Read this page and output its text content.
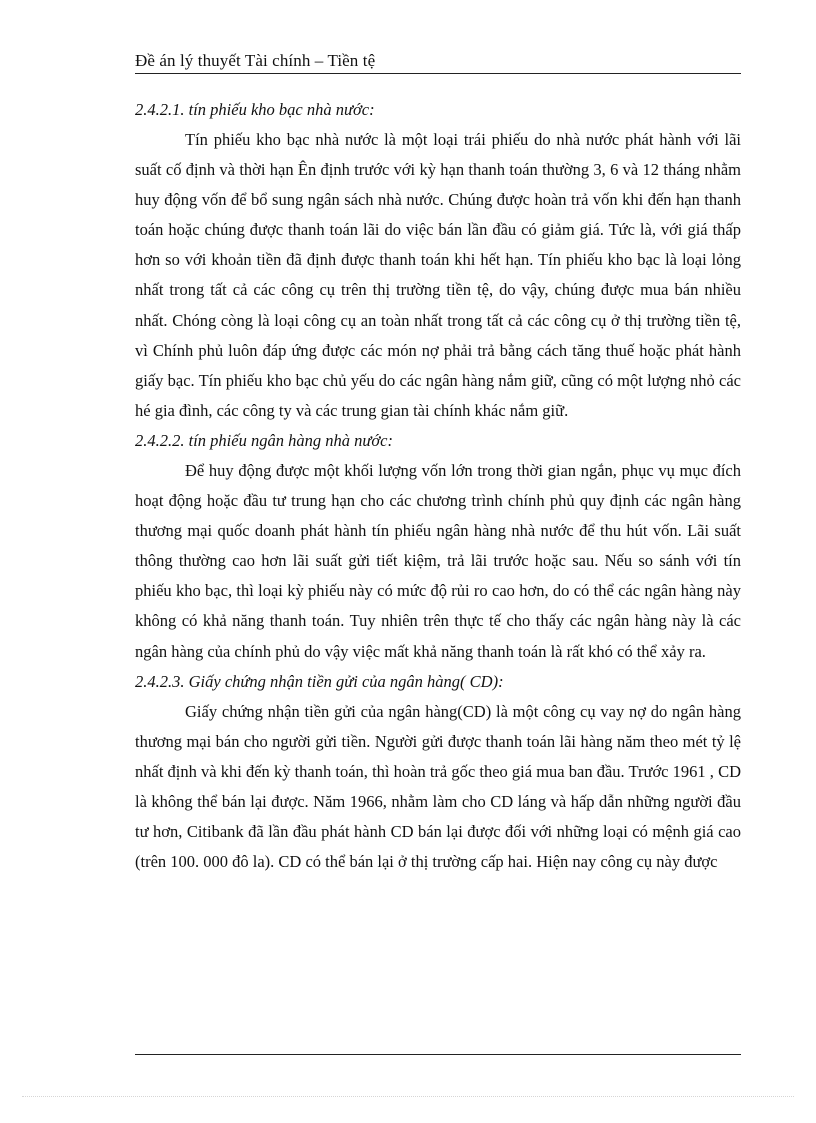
Đề án lý thuyết Tài chính – Tiền tệ

2.4.2.1. tín phiếu kho bạc nhà nước:

Tín phiếu kho bạc nhà nước là một loại trái phiếu do nhà nước phát hành với lãi suất cố định và thời hạn Ên định trước với kỳ hạn thanh toán thường 3, 6 và 12 tháng nhằm huy động vốn để bổ sung ngân sách nhà nước. Chúng được hoàn trả vốn khi đến hạn thanh toán hoặc chúng được thanh toán lãi do việc bán lần đầu có giảm giá. Tức là, với giá thấp hơn so với khoản tiền đã định được thanh toán khi hết hạn. Tín phiếu kho bạc là loại lỏng nhất trong tất cả các công cụ trên thị trường tiền tệ, do vậy, chúng được mua bán nhiều nhất. Chóng còng là loại công cụ an toàn nhất trong tất cả các công cụ ở thị trường tiền tệ, vì Chính phủ luôn đáp ứng được các món nợ phải trả bằng cách tăng thuế hoặc phát hành giấy bạc. Tín phiếu kho bạc chủ yếu do các ngân hàng nắm giữ, cũng có một lượng nhỏ các hé gia đình, các công ty và các trung gian tài chính khác nắm giữ.

2.4.2.2. tín phiếu ngân hàng nhà nước:

Để huy động được một khối lượng vốn lớn trong thời gian ngắn, phục vụ mục đích hoạt động hoặc đầu tư trung hạn cho các chương trình chính phủ quy định các ngân hàng thương mại quốc doanh phát hành tín phiếu ngân hàng nhà nước để thu hút vốn. Lãi suất thông thường cao hơn lãi suất gửi tiết kiệm, trả lãi trước hoặc sau. Nếu so sánh với tín phiếu kho bạc, thì loại kỳ phiếu này có mức độ rủi ro cao hơn, do có thể các ngân hàng này không có khả năng thanh toán. Tuy nhiên trên thực tế cho thấy các ngân hàng này là các ngân hàng của chính phủ do vậy việc mất khả năng thanh toán là rất khó có thể xảy ra.

2.4.2.3. Giấy chứng nhận tiền gửi của ngân hàng( CD):

Giấy chứng nhận tiền gửi của ngân hàng(CD) là một công cụ vay nợ do ngân hàng thương mại bán cho người gửi tiền. Người gửi được thanh toán lãi hàng năm theo mét tỷ lệ nhất định và khi đến kỳ thanh toán, thì hoàn trả gốc theo giá mua ban đầu. Trước 1961 , CD là không thể bán lại được. Năm 1966, nhằm làm cho CD láng và hấp dẫn những người đầu tư hơn, Citibank đã lần đầu phát hành CD bán lại được đối với những loại có mệnh giá cao (trên 100. 000 đô la). CD có thể bán lại ở thị trường cấp hai. Hiện nay công cụ này được
